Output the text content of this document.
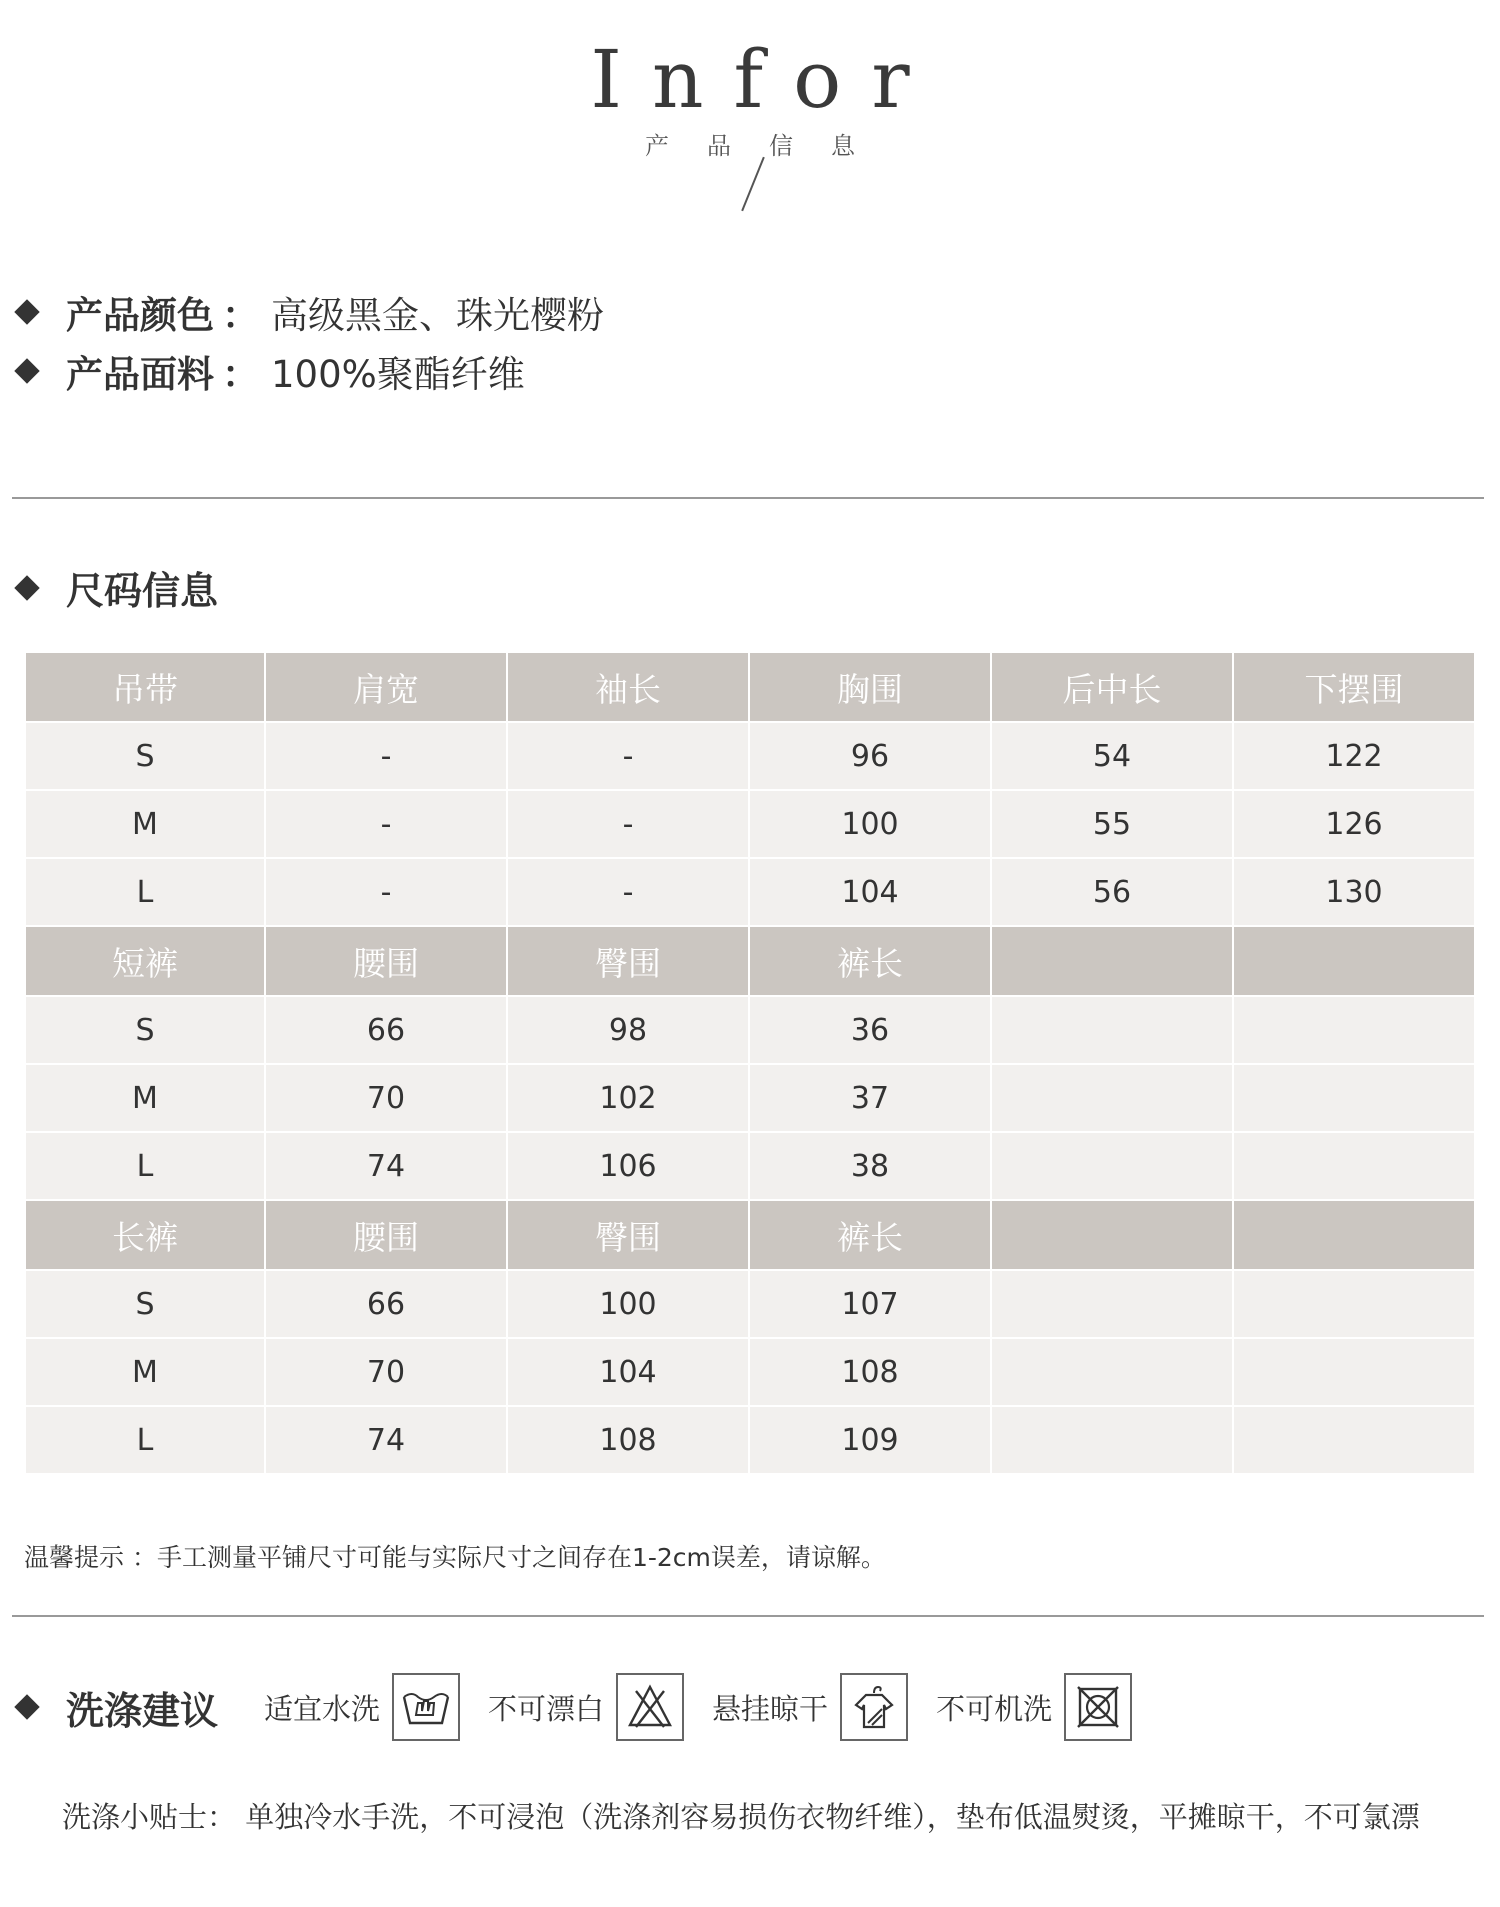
Infor
产品信息
产品颜色 ： 高级黑金、珠光樱粉
产品面料 ： 100%聚酯纤维
尺码信息
吊带	肩宽	袖长	胸围	后中长	下摆围
S	-	-	96	54	122
M	-	-	100	55	126
L	-	-	104	56	130
短裤	腰围	臀围	裤长		
S	66	98	36		
M	70	102	37		
L	74	106	38		
长裤	腰围	臀围	裤长		
S	66	100	107		
M	70	104	108		
L	74	108	109		
温馨提示 ：手工测量平铺尺寸可能与实际尺寸之间存在1-2cm误差，请谅解。
洗涤建议 适宜水洗	不可漂白	悬挂晾干	不可机洗
洗涤小贴士： 单独冷水手洗，不可浸泡（洗涤剂容易损伤衣物纤维），垫布低温熨烫，平摊晾干，不可氯漂
